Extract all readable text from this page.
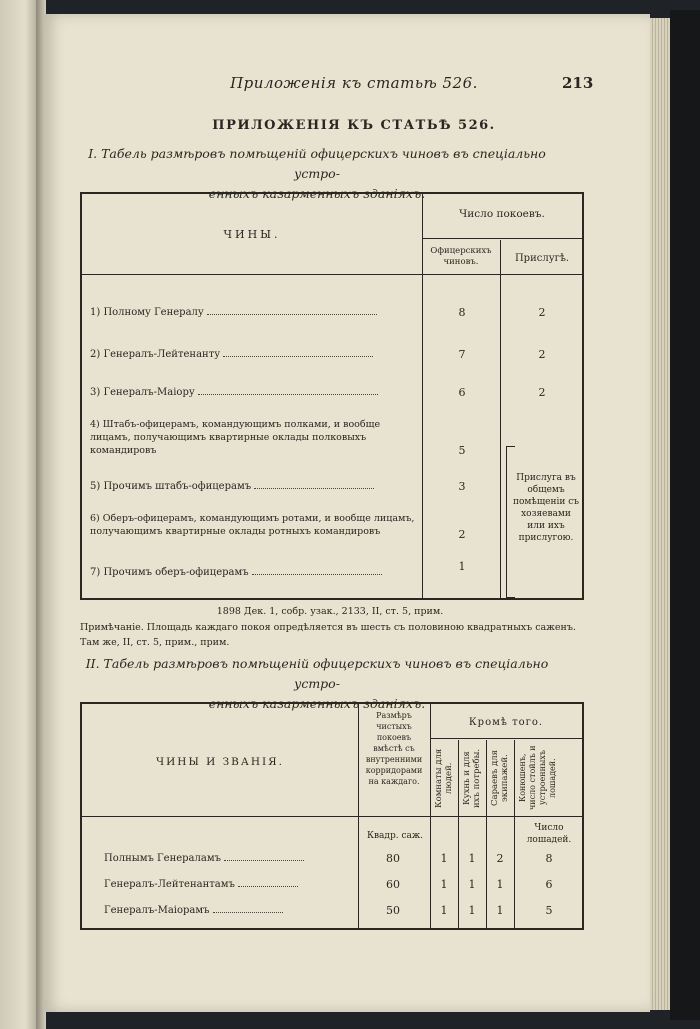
Приложенія къ статьѣ 526.	213
ПРИЛОЖЕНІЯ КЪ СТАТЬѢ 526.
I. Табель размѣровъ помѣщеній офицерскихъ чиновъ въ спеціально устро-
енныхъ казарменныхъ зданіяхъ.
ЧИНЫ.
Число покоевъ.
Офицерскихъ чиновъ.	Прислугѣ.
1) Полному Генералу	8	2
2) Генералъ-Лейтенанту	7	2
3) Генералъ-Маіору	6	2
4) Штабъ-офицерамъ, командующимъ полками, и вообще лицамъ, получающимъ квартирные оклады полковыхъ командировъ	5
5) Прочимъ штабъ-офицерамъ	3
6) Оберъ-офицерамъ, командующимъ ротами, и вообще лицамъ, получающимъ квартирные оклады ротныхъ командировъ	2
7) Прочимъ оберъ-офицерамъ	1
Прислуга въ общемъ помѣщеніи съ хозяевами или ихъ прислугою.
1898 Дек. 1, собр. узак., 2133, II, ст. 5, прим.
Примѣчаніе. Площадь каждаго покоя опредѣляется въ шесть съ половиною квадратныхъ саженъ. Там же, II, ст. 5, прим., прим.
II. Табель размѣровъ помѣщеній офицерскихъ чиновъ въ спеціально устро-
енныхъ казарменныхъ зданіяхъ.
ЧИНЫ И ЗВАНІЯ.
Размѣръ чистыхъ покоевъ вмѣстѣ съ внутренними корридорами на каждаго.
Кромѣ того.
Комнаты для людей. Кухнь и для ихъ потребы. Сараевъ для экипажей. Конюшенъ, число стойлъ и устроенныхъ лошадей.
Квадр. саж.
Число лошадей.
Полнымъ Генераламъ	80	1	1	2	8
Генералъ-Лейтенантамъ	60	1	1	1	6
Генералъ-Маіорамъ	50	1	1	1	5
